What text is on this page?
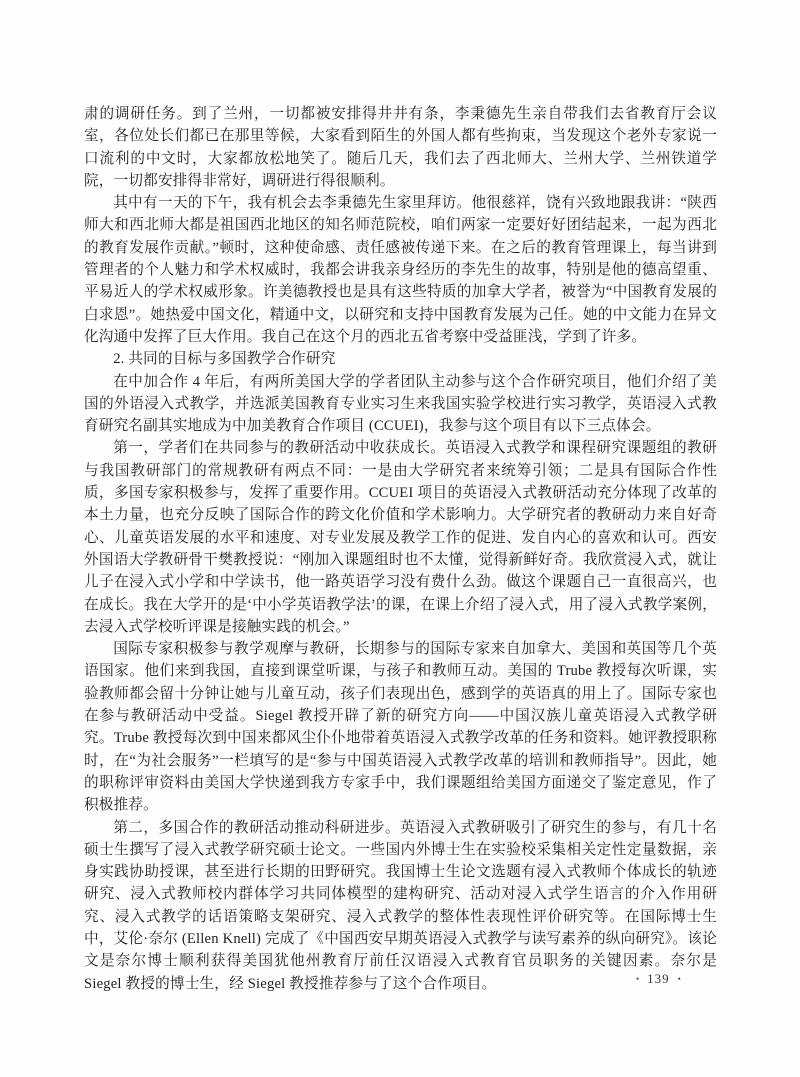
肃的调研任务。到了兰州，一切都被安排得井井有条，李秉德先生亲自带我们去省教育厅会议室，各位处长们都已在那里等候，大家看到陌生的外国人都有些拘束，当发现这个老外专家说一口流利的中文时，大家都放松地笑了。随后几天，我们去了西北师大、兰州大学、兰州铁道学院，一切都安排得非常好，调研进行得很顺利。

其中有一天的下午，我有机会去李秉德先生家里拜访。他很慈祥，饶有兴致地跟我讲：“陕西师大和西北师大都是祖国西北地区的知名师范院校，咱们两家一定要好好团结起来，一起为西北的教育发展作贡献。”顿时，这种使命感、责任感被传递下来。在之后的教育管理课上，每当讲到管理者的个人魅力和学术权威时，我都会讲我亲身经历的李先生的故事，特别是他的德高望重、平易近人的学术权威形象。许美德教授也是具有这些特质的加拿大学者，被誉为“中国教育发展的白求恩”。她热爱中国文化，精通中文，以研究和支持中国教育发展为己任。她的中文能力在异文化沟通中发挥了巨大作用。我自己在这个月的西北五省考察中受益匪浅，学到了许多。

2. 共同的目标与多国教学合作研究

在中加合作 4 年后，有两所美国大学的学者团队主动参与这个合作研究项目，他们介绍了美国的外语浸入式教学，并选派美国教育专业实习生来我国实验学校进行实习教学，英语浸入式教育研究名副其实地成为中加美教育合作项目 (CCUEI)，我参与这个项目有以下三点体会。

第一，学者们在共同参与的教研活动中收获成长。英语浸入式教学和课程研究课题组的教研与我国教研部门的常规教研有两点不同：一是由大学研究者来统筹引领；二是具有国际合作性质，多国专家积极参与，发挥了重要作用。CCUEI 项目的英语浸入式教研活动充分体现了改革的本土力量，也充分反映了国际合作的跨文化价值和学术影响力。大学研究者的教研动力来自好奇心、儿童英语发展的水平和速度、对专业发展及教学工作的促进、发自内心的喜欢和认可。西安外国语大学教研骨干樊教授说：“刚加入课题组时也不太懂，觉得新鲜好奇。我欣赏浸入式，就让儿子在浸入式小学和中学读书，他一路英语学习没有费什么劲。做这个课题自己一直很高兴，也在成长。我在大学开的是‘中小学英语教学法’的课，在课上介绍了浸入式，用了浸入式教学案例，去浸入式学校听评课是接触实践的机会。”

国际专家积极参与教学观摩与教研，长期参与的国际专家来自加拿大、美国和英国等几个英语国家。他们来到我国，直接到课堂听课，与孩子和教师互动。美国的 Trube 教授每次听课，实验教师都会留十分钟让她与儿童互动，孩子们表现出色，感到学的英语真的用上了。国际专家也在参与教研活动中受益。Siegel 教授开辟了新的研究方向——中国汉族儿童英语浸入式教学研究。Trube 教授每次到中国来都风尘仆仆地带着英语浸入式教学改革的任务和资料。她评教授职称时，在“为社会服务”一栏填写的是“参与中国英语浸入式教学改革的培训和教师指导”。因此，她的职称评审资料由美国大学快递到我方专家手中，我们课题组给美国方面递交了鉴定意见，作了积极推荐。

第二，多国合作的教研活动推动科研进步。英语浸入式教研吸引了研究生的参与，有几十名硕士生撰写了浸入式教学研究硕士论文。一些国内外博士生在实验校采集相关定性定量数据，亲身实践协助授课，甚至进行长期的田野研究。我国博士生论文选题有浸入式教师个体成长的轨迹研究、浸入式教师校内群体学习共同体模型的建构研究、活动对浸入式学生语言的介入作用研究、浸入式教学的话语策略支架研究、浸入式教学的整体性表现性评价研究等。在国际博士生中，艾伦·奈尔 (Ellen Knell) 完成了《中国西安早期英语浸入式教学与读写素养的纵向研究》。该论文是奈尔博士顺利获得美国犹他州教育厅前任汉语浸入式教育官员职务的关键因素。奈尔是 Siegel 教授的博士生，经 Siegel 教授推荐参与了这个合作项目。	• 139 •
